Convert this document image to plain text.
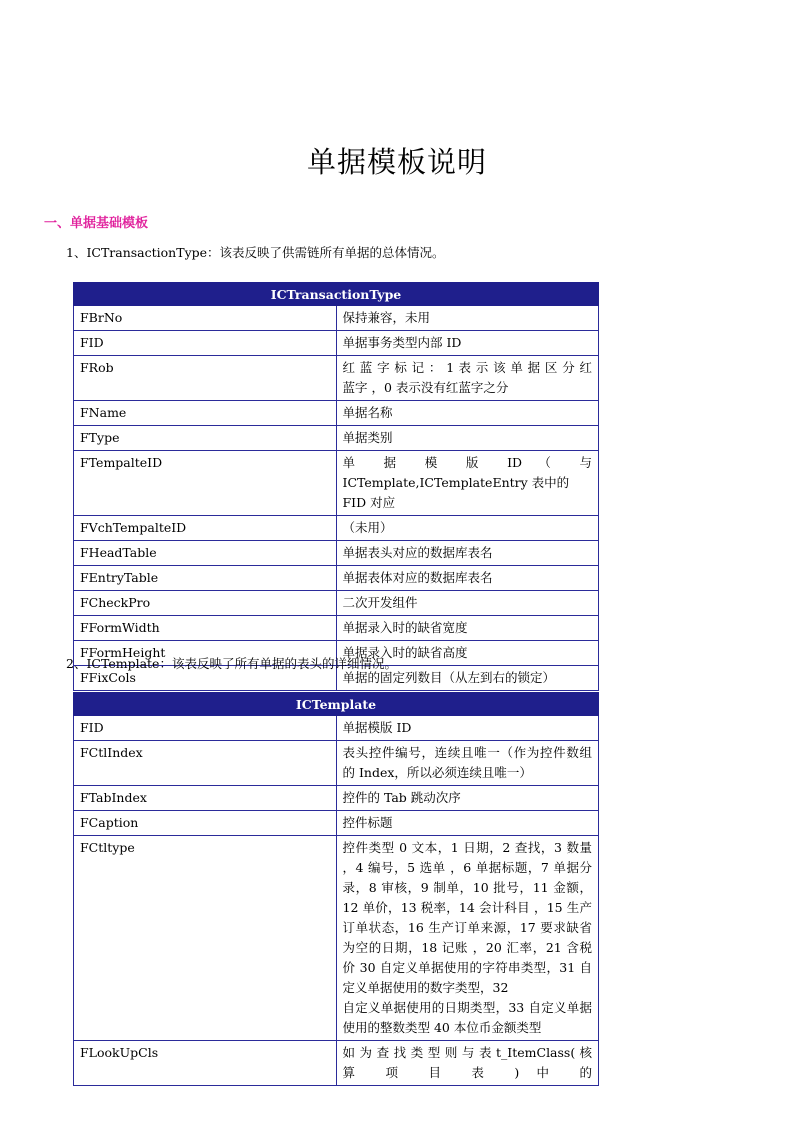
单据模板说明
一、单据基础模板
1、ICTransactionType：该表反映了供需链所有单据的总体情况。
ICTransactionType	
FBrNo	保持兼容，未用
FID	单据事务类型内部 ID
FRob	红 蓝 字 标 记 ： 1 表 示 该 单 据 区 分 红
蓝字 ，0 表示没有红蓝字之分

FName	单据名称
FType	单据类别
FTempalteID	单 据 模 版 ID （ 与
ICTemplate,ICTemplateEntry 表中的 FID 对应

FVchTempalteID	（未用）
FHeadTable	单据表头对应的数据库表名
FEntryTable	单据表体对应的数据库表名
FCheckPro	二次开发组件
FFormWidth	单据录入时的缺省宽度
FFormHeight	单据录入时的缺省高度
FFixCols	单据的固定列数目（从左到右的锁定）
2、ICTemplate：该表反映了所有单据的表头的详细情况。
ICTemplate	
FID	单据模版 ID
FCtlIndex	表头控件编号，连续且唯一（作为控件数组的 Index，所以必须连续且唯一）
FTabIndex	控件的 Tab 跳动次序
FCaption	控件标题
FCtltype	控件类型 0 文本，1 日期，2 查找，3 数量 ，4 编号，5 选单 ，6 单据标题，7 单据分录，8 审核，9 制单，10 批号，11 金额，12 单价，13 税率，14 会计科目 ，15 生产订单状态，16 生产订单来源，17 要求缺省为空的日期，18 记账 ，20 汇率，21 含税价 30 自定义单据使用的字符串类型，31 自定义单据使用的数字类型，32
自定义单据使用的日期类型，33 自定义单据使用的整数类型 40 本位币金额类型

FLookUpCls	如 为 查 找 类 型 则 与 表 t_ItemClass( 核 算 项 目 表 ) 中 的
